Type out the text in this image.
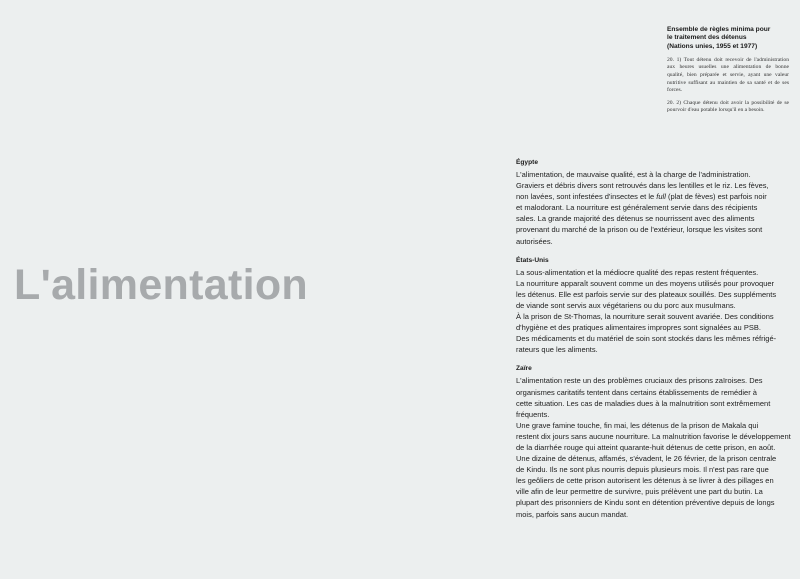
Ensemble de règles minima pour
le traitement des détenus
(Nations unies, 1955 et 1977)

20. 1) Tout détenu doit recevoir de l'administration aux heures usuelles une alimentation de bonne qualité, bien préparée et servie, ayant une valeur nutritive suffisant au maintien de sa santé et de ses forces.

20. 2) Chaque détenu doit avoir la possibilité de se pourvoir d'eau potable lorsqu'il en a besoin.

L'alimentation
Égypte
L'alimentation, de mauvaise qualité, est à la charge de l'administration.
Graviers et débris divers sont retrouvés dans les lentilles et le riz. Les fèves,
non lavées, sont infestées d'insectes et le full (plat de fèves) est parfois noir
et malodorant. La nourriture est généralement servie dans des récipients
sales. La grande majorité des détenus se nourrissent avec des aliments
provenant du marché de la prison ou de l'extérieur, lorsque les visites sont
autorisées.
États-Unis
La sous-alimentation et la médiocre qualité des repas restent fréquentes.
La nourriture apparaît souvent comme un des moyens utilisés pour provoquer
les détenus. Elle est parfois servie sur des plateaux souillés. Des suppléments
de viande sont servis aux végétariens ou du porc aux musulmans.
À la prison de St-Thomas, la nourriture serait souvent avariée. Des conditions
d'hygiène et des pratiques alimentaires impropres sont signalées au PSB.
Des médicaments et du matériel de soin sont stockés dans les mêmes réfrigé-
rateurs que les aliments.
Zaïre
L'alimentation reste un des problèmes cruciaux des prisons zaïroises. Des
organismes caritatifs tentent dans certains établissements de remédier à
cette situation. Les cas de maladies dues à la malnutrition sont extrêmement
fréquents.
Une grave famine touche, fin mai, les détenus de la prison de Makala qui
restent dix jours sans aucune nourriture. La malnutrition favorise le développement
de la diarrhée rouge qui atteint quarante-huit détenus de cette prison, en août.
Une dizaine de détenus, affamés, s'évadent, le 26 février, de la prison centrale
de Kindu. Ils ne sont plus nourris depuis plusieurs mois. Il n'est pas rare que
les geôliers de cette prison autorisent les détenus à se livrer à des pillages en
ville afin de leur permettre de survivre, puis prélèvent une part du butin. La
plupart des prisonniers de Kindu sont en détention préventive depuis de longs
mois, parfois sans aucun mandat.
